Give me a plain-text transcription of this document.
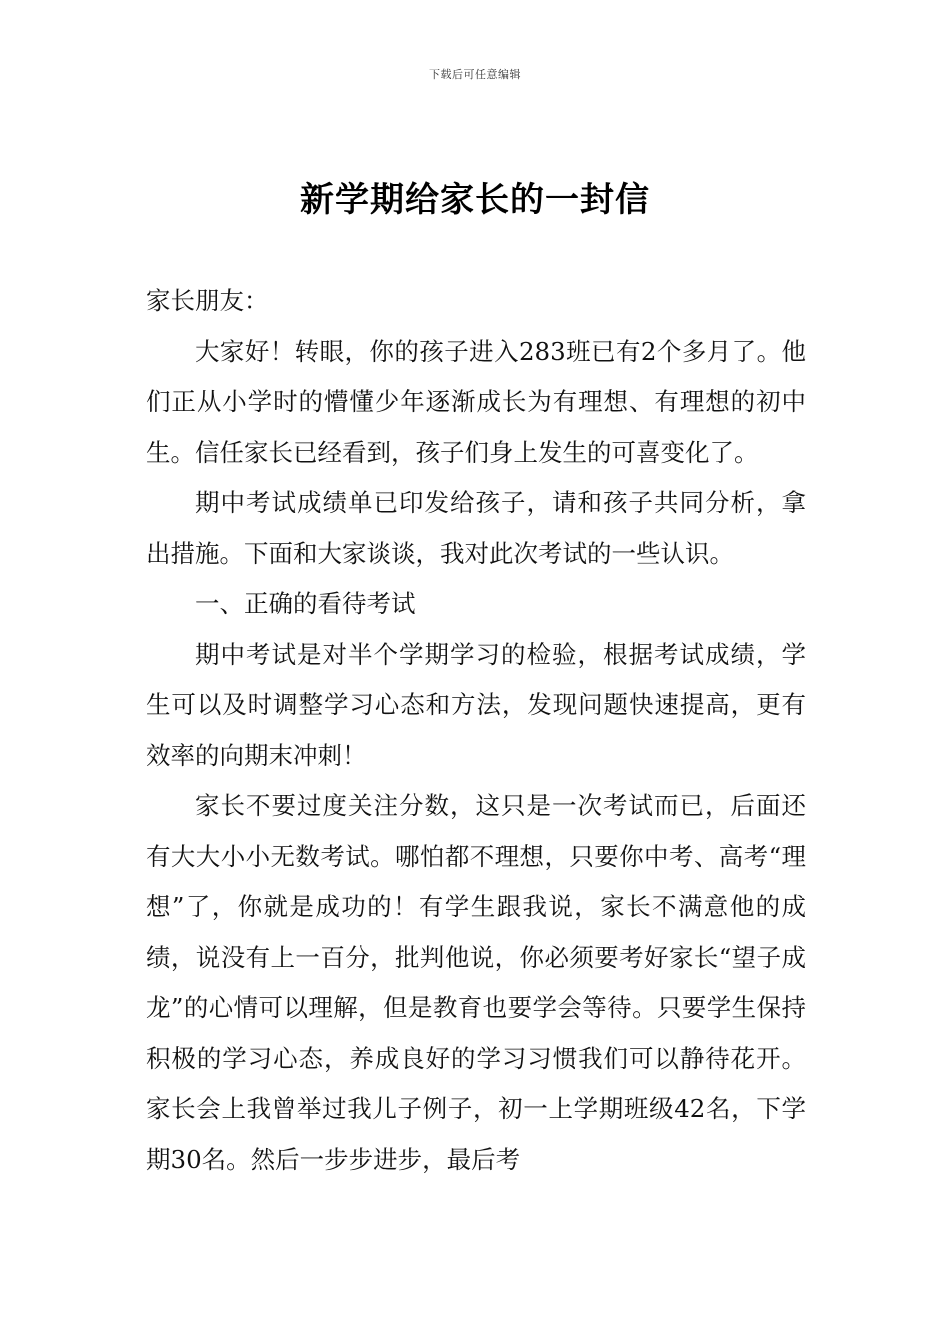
下载后可任意编辑
新学期给家长的一封信

家长朋友：

大家好！转眼，你的孩子进入283班已有2个多月了。他们正从小学时的懵懂少年逐渐成长为有理想、有理想的初中生。信任家长已经看到，孩子们身上发生的可喜变化了。

期中考试成绩单已印发给孩子，请和孩子共同分析，拿出措施。下面和大家谈谈，我对此次考试的一些认识。

一、正确的看待考试

期中考试是对半个学期学习的检验，根据考试成绩，学生可以及时调整学习心态和方法，发现问题快速提高，更有效率的向期末冲刺！

家长不要过度关注分数，这只是一次考试而已，后面还有大大小小无数考试。哪怕都不理想，只要你中考、高考“理想”了，你就是成功的！有学生跟我说，家长不满意他的成绩，说没有上一百分，批判他说，你必须要考好家长“望子成龙”的心情可以理解，但是教育也要学会等待。只要学生保持积极的学习心态，养成良好的学习习惯我们可以静待花开。家长会上我曾举过我儿子例子，初一上学期班级42名，下学期30名。然后一步步进步，最后考
